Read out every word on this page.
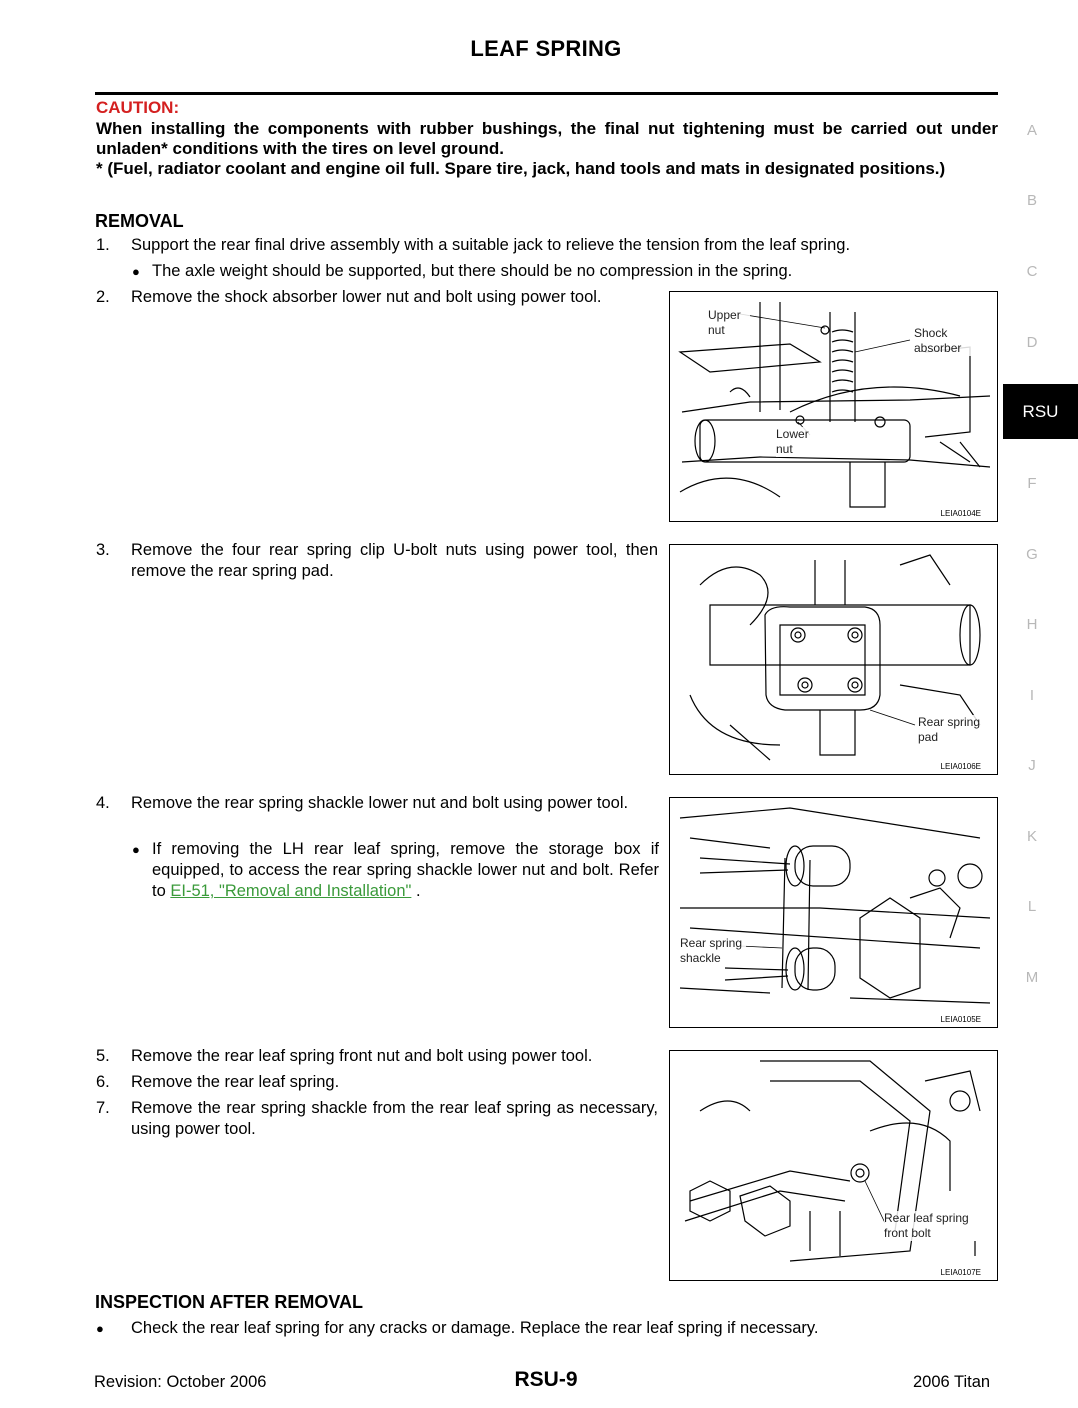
LEAF SPRING
CAUTION:

When installing the components with rubber bushings, the final nut tightening must be carried out under unladen* conditions with the tires on level ground.

* (Fuel, radiator coolant and engine oil full. Spare tire, jack, hand tools and mats in designated positions.)

REMOVAL
1. Support the rear final drive assembly with a suitable jack to relieve the tension from the leaf spring.
● The axle weight should be supported, but there should be no compression in the spring.
2. Remove the shock absorber lower nut and bolt using power tool.
3. Remove the four rear spring clip U-bolt nuts using power tool, then remove the rear spring pad.
4. Remove the rear spring shackle lower nut and bolt using power tool.
● If removing the LH rear leaf spring, remove the storage box if equipped, to access the rear spring shackle lower nut and bolt. Refer to EI-51, "Removal and Installation" .
5. Remove the rear leaf spring front nut and bolt using power tool.
6. Remove the rear leaf spring.
7. Remove the rear spring shackle from the rear leaf spring as necessary, using power tool.
Upper nut	Shock absorber
Lower nut
LEIA0104E
Rear spring pad
LEIA0106E
Rear spring shackle
LEIA0105E
Rear leaf spring front bolt
LEIA0107E
INSPECTION AFTER REMOVAL
● Check the rear leaf spring for any cracks or damage. Replace the rear leaf spring if necessary.
A
B
C
D
RSU
F
G
H
I
J
K
L
M
Revision: October 2006	RSU-9	2006 Titan
